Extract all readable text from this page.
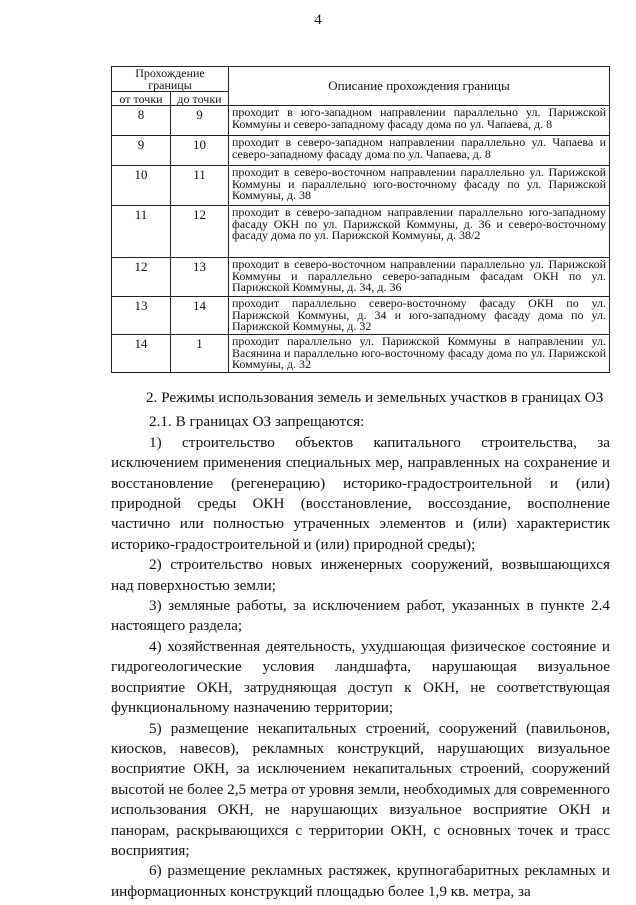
4
Прохождение границы		Описание прохождения границы
от точки	до точки	
8	9	проходит в юго-западном направлении параллельно ул. Парижской Коммуны и северо-западному фасаду дома по ул. Чапаева, д. 8
9	10	проходит в северо-западном направлении параллельно ул. Чапаева и северо-западному фасаду дома по ул. Чапаева, д. 8
10	11	проходит в северо-восточном направлении параллельно ул. Парижской Коммуны и параллельно юго-восточному фасаду по ул. Парижской Коммуны, д. 38
11	12	проходит в северо-западном направлении параллельно юго-западному фасаду ОКН по ул. Парижской Коммуны, д. 36 и северо-восточному фасаду дома по ул. Парижской Коммуны, д. 38/2
12	13	проходит в северо-восточном направлении параллельно ул. Парижской Коммуны и параллельно северо-западным фасадам ОКН по ул. Парижской Коммуны, д. 34, д. 36
13	14	проходит параллельно северо-восточному фасаду ОКН по ул. Парижской Коммуны, д. 34 и юго-западному фасаду дома по ул. Парижской Коммуны, д. 32
14	1	проходит параллельно ул. Парижской Коммуны в направлении ул. Васянина и параллельно юго-восточному фасаду дома по ул. Парижской Коммуны, д. 32

2. Режимы использования земель и земельных участков в границах ОЗ

2.1. В границах ОЗ запрещаются:

1) строительство объектов капитального строительства, за исключением применения специальных мер, направленных на сохранение и восстановление (регенерацию) историко-градостроительной и (или) природной среды ОКН (восстановление, воссоздание, восполнение частично или полностью утраченных элементов и (или) характеристик историко-градостроительной и (или) природной среды);

2) строительство новых инженерных сооружений, возвышающихся над поверхностью земли;

3) земляные работы, за исключением работ, указанных в пункте 2.4 настоящего раздела;

4) хозяйственная деятельность, ухудшающая физическое состояние и гидрогеологические условия ландшафта, нарушающая визуальное восприятие ОКН, затрудняющая доступ к ОКН, не соответствующая функциональному назначению территории;

5) размещение некапитальных строений, сооружений (павильонов, киосков, навесов), рекламных конструкций, нарушающих визуальное восприятие ОКН, за исключением некапитальных строений, сооружений высотой не более 2,5 метра от уровня земли, необходимых для современного использования ОКН, не нарушающих визуальное восприятие ОКН и панорам, раскрывающихся с территории ОКН, с основных точек и трасс восприятия;

6) размещение рекламных растяжек, крупногабаритных рекламных и информационных конструкций площадью более 1,9 кв. метра, за
